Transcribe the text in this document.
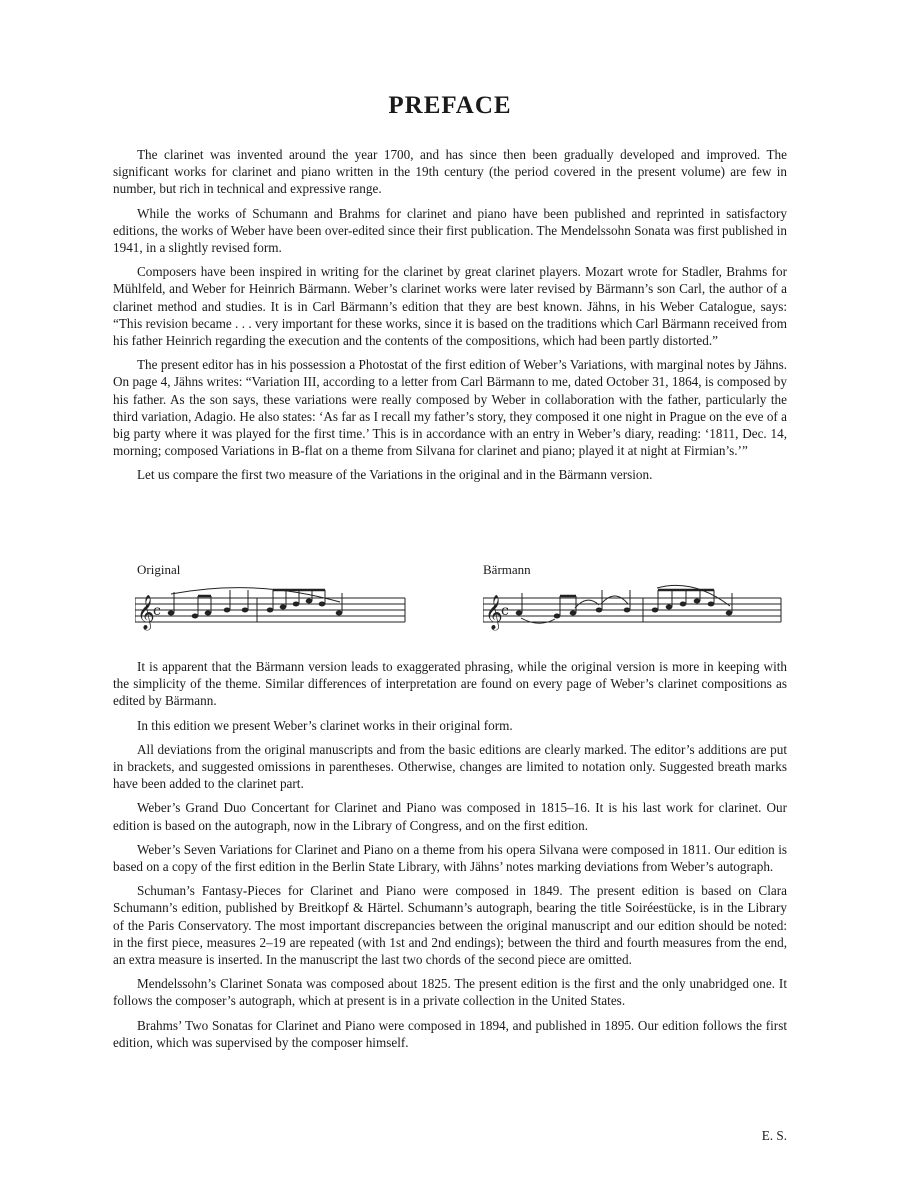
PREFACE

The clarinet was invented around the year 1700, and has since then been gradually developed and improved. The significant works for clarinet and piano written in the 19th century (the period covered in the present volume) are few in number, but rich in technical and expressive range.

While the works of Schumann and Brahms for clarinet and piano have been published and reprinted in satisfactory editions, the works of Weber have been over-edited since their first publication. The Mendelssohn Sonata was first published in 1941, in a slightly revised form.

Composers have been inspired in writing for the clarinet by great clarinet players. Mozart wrote for Stadler, Brahms for Mühlfeld, and Weber for Heinrich Bärmann. Weber’s clarinet works were later revised by Bärmann’s son Carl, the author of a clarinet method and studies. It is in Carl Bärmann’s edition that they are best known. Jähns, in his Weber Catalogue, says: “This revision became . . . very important for these works, since it is based on the traditions which Carl Bärmann received from his father Heinrich regarding the execution and the contents of the compositions, which had been partly distorted.”

The present editor has in his possession a Photostat of the first edition of Weber’s Variations, with marginal notes by Jähns. On page 4, Jähns writes: “Variation III, according to a letter from Carl Bärmann to me, dated October 31, 1864, is composed by his father. As the son says, these variations were really composed by Weber in collaboration with the father, particularly the third variation, Adagio. He also states: ‘As far as I recall my father’s story, they composed it one night in Prague on the eve of a big party where it was played for the first time.’ This is in accordance with an entry in Weber’s diary, reading: ‘1811, Dec. 14, morning; composed Variations in B-flat on a theme from Silvana for clarinet and piano; played it at night at Firmian’s.’”

Let us compare the first two measure of the Variations in the original and in the Bärmann version.

Original	Bärmann
𝄞
c	𝄞
c

It is apparent that the Bärmann version leads to exaggerated phrasing, while the original version is more in keeping with the simplicity of the theme. Similar differences of interpretation are found on every page of Weber’s clarinet compositions as edited by Bärmann.

In this edition we present Weber’s clarinet works in their original form.

All deviations from the original manuscripts and from the basic editions are clearly marked. The editor’s additions are put in brackets, and suggested omissions in parentheses. Otherwise, changes are limited to notation only. Suggested breath marks have been added to the clarinet part.

Weber’s Grand Duo Concertant for Clarinet and Piano was composed in 1815–16. It is his last work for clarinet. Our edition is based on the autograph, now in the Library of Congress, and on the first edition.

Weber’s Seven Variations for Clarinet and Piano on a theme from his opera Silvana were composed in 1811. Our edition is based on a copy of the first edition in the Berlin State Library, with Jähns’ notes marking deviations from Weber’s autograph.

Schuman’s Fantasy-Pieces for Clarinet and Piano were composed in 1849. The present edition is based on Clara Schumann’s edition, published by Breitkopf & Härtel. Schumann’s autograph, bearing the title Soiréestücke, is in the Library of the Paris Conservatory. The most important discrepancies between the original manuscript and our edition should be noted: in the first piece, measures 2–19 are repeated (with 1st and 2nd endings); between the third and fourth measures from the end, an extra measure is inserted. In the manuscript the last two chords of the second piece are omitted.

Mendelssohn’s Clarinet Sonata was composed about 1825. The present edition is the first and the only unabridged one. It follows the composer’s autograph, which at present is in a private collection in the United States.

Brahms’ Two Sonatas for Clarinet and Piano were composed in 1894, and published in 1895. Our edition follows the first edition, which was supervised by the composer himself.

E. S.
